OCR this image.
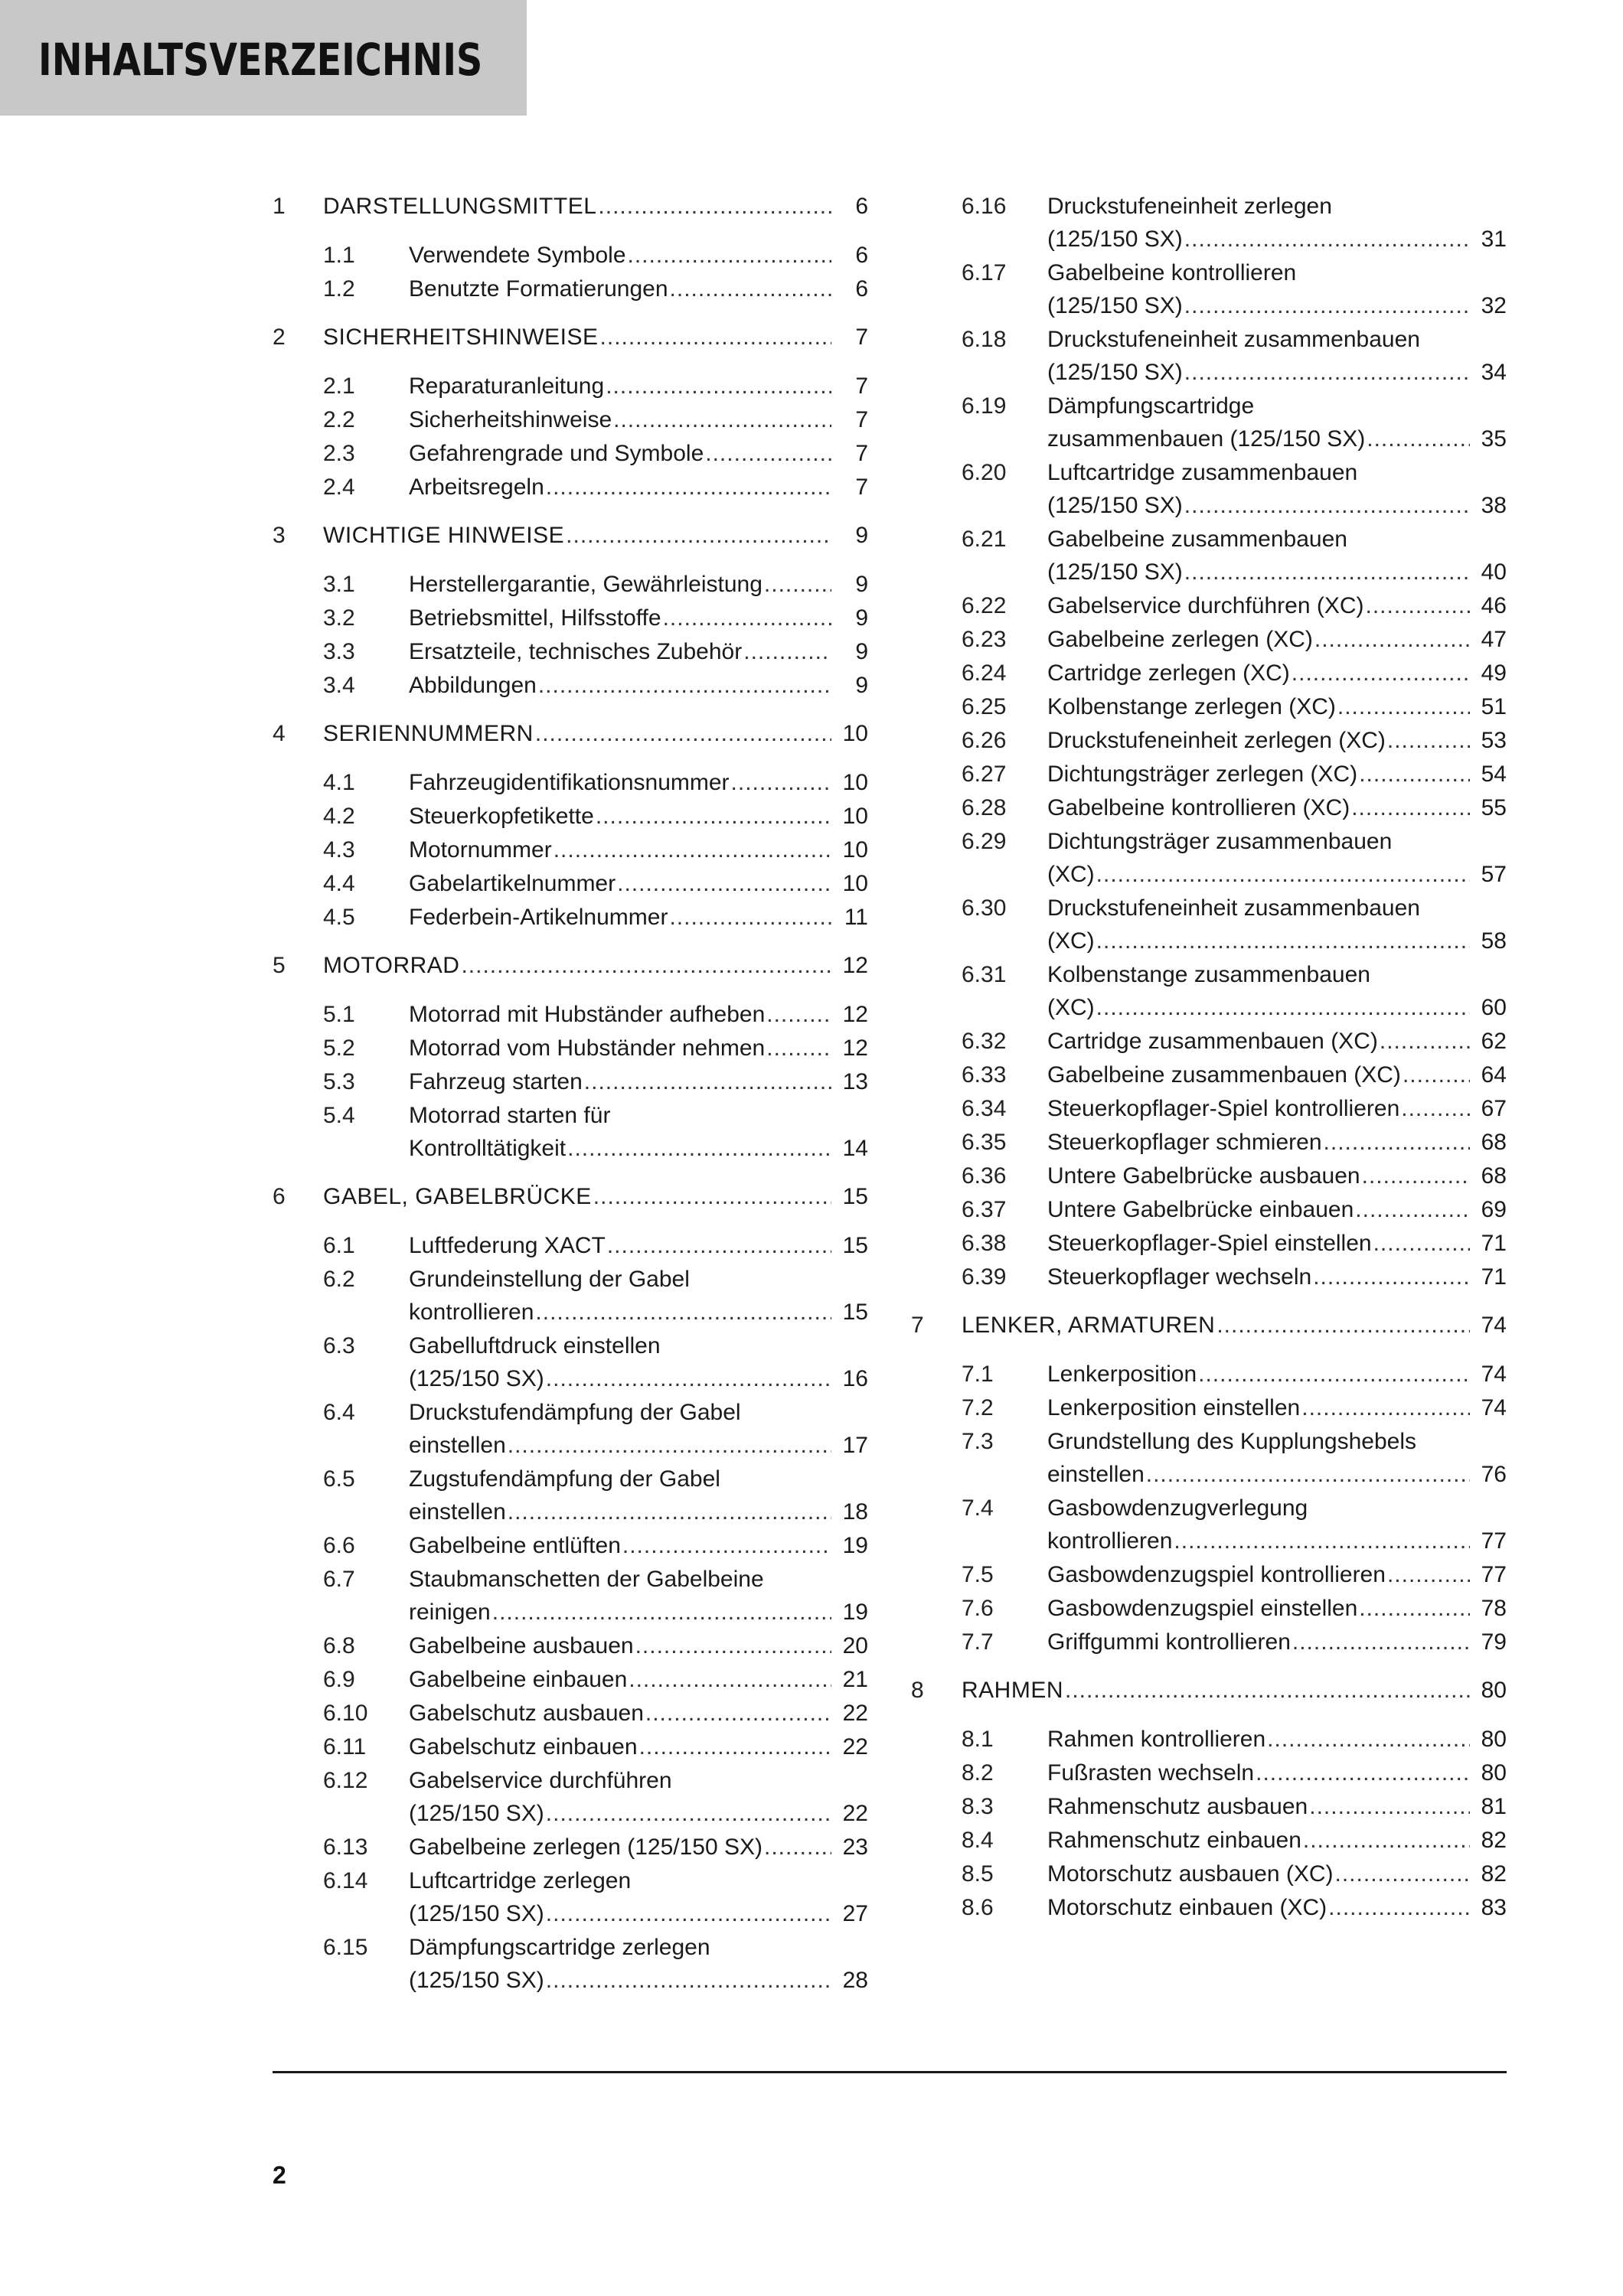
INHALTSVERZEICHNIS
1	DARSTELLUNGSMITTEL .....	6
1.1	Verwendete Symbole .....	6
1.2	Benutzte Formatierungen .....	6
2	SICHERHEITSHINWEISE .....	7
2.1	Reparaturanleitung .....	7
2.2	Sicherheitshinweise .....	7
2.3	Gefahrengrade und Symbole .....	7
2.4	Arbeitsregeln .....	7
3	WICHTIGE HINWEISE .....	9
3.1	Herstellergarantie, Gewährleistung .....	9
3.2	Betriebsmittel, Hilfsstoffe .....	9
3.3	Ersatzteile, technisches Zubehör .....	9
3.4	Abbildungen .....	9
4	SERIENNUMMERN .....	10
4.1	Fahrzeugidentifikationsnummer .....	10
4.2	Steuerkopfetikette .....	10
4.3	Motornummer .....	10
4.4	Gabelartikelnummer .....	10
4.5	Federbein-Artikelnummer .....	11
5	MOTORRAD .....	12
5.1	Motorrad mit Hubständer aufheben .....	12
5.2	Motorrad vom Hubständer nehmen .....	12
5.3	Fahrzeug starten .....	13
5.4	Motorrad starten für
Kontrolltätigkeit .....	14
6	GABEL, GABELBRÜCKE .....	15
6.1	Luftfederung XACT .....	15
6.2	Grundeinstellung der Gabel
kontrollieren .....	15
6.3	Gabelluftdruck einstellen
(125/150 SX) .....	16
6.4	Druckstufendämpfung der Gabel
einstellen .....	17
6.5	Zugstufendämpfung der Gabel
einstellen .....	18
6.6	Gabelbeine entlüften .....	19
6.7	Staubmanschetten der Gabelbeine
reinigen .....	19
6.8	Gabelbeine ausbauen .....	20
6.9	Gabelbeine einbauen .....	21
6.10	Gabelschutz ausbauen .....	22
6.11	Gabelschutz einbauen .....	22
6.12	Gabelservice durchführen
(125/150 SX) .....	22
6.13	Gabelbeine zerlegen (125/150 SX) .....	23
6.14	Luftcartridge zerlegen
(125/150 SX) .....	27
6.15	Dämpfungscartridge zerlegen
(125/150 SX) .....	28
6.16	Druckstufeneinheit zerlegen
(125/150 SX) .....	31
6.17	Gabelbeine kontrollieren
(125/150 SX) .....	32
6.18	Druckstufeneinheit zusammenbauen
(125/150 SX) .....	34
6.19	Dämpfungscartridge
zusammenbauen (125/150 SX) .....	35
6.20	Luftcartridge zusammenbauen
(125/150 SX) .....	38
6.21	Gabelbeine zusammenbauen
(125/150 SX) .....	40
6.22	Gabelservice durchführen (XC) .....	46
6.23	Gabelbeine zerlegen (XC) .....	47
6.24	Cartridge zerlegen (XC) .....	49
6.25	Kolbenstange zerlegen (XC) .....	51
6.26	Druckstufeneinheit zerlegen (XC) .....	53
6.27	Dichtungsträger zerlegen (XC) .....	54
6.28	Gabelbeine kontrollieren (XC) .....	55
6.29	Dichtungsträger zusammenbauen
(XC) .....	57
6.30	Druckstufeneinheit zusammenbauen
(XC) .....	58
6.31	Kolbenstange zusammenbauen
(XC) .....	60
6.32	Cartridge zusammenbauen (XC) .....	62
6.33	Gabelbeine zusammenbauen (XC) .....	64
6.34	Steuerkopflager-Spiel kontrollieren .....	67
6.35	Steuerkopflager schmieren .....	68
6.36	Untere Gabelbrücke ausbauen .....	68
6.37	Untere Gabelbrücke einbauen .....	69
6.38	Steuerkopflager-Spiel einstellen .....	71
6.39	Steuerkopflager wechseln .....	71
7	LENKER, ARMATUREN .....	74
7.1	Lenkerposition .....	74
7.2	Lenkerposition einstellen .....	74
7.3	Grundstellung des Kupplungshebels
einstellen .....	76
7.4	Gasbowdenzugverlegung
kontrollieren .....	77
7.5	Gasbowdenzugspiel kontrollieren .....	77
7.6	Gasbowdenzugspiel einstellen .....	78
7.7	Griffgummi kontrollieren .....	79
8	RAHMEN .....	80
8.1	Rahmen kontrollieren .....	80
8.2	Fußrasten wechseln .....	80
8.3	Rahmenschutz ausbauen .....	81
8.4	Rahmenschutz einbauen .....	82
8.5	Motorschutz ausbauen (XC) .....	82
8.6	Motorschutz einbauen (XC) .....	83
2
